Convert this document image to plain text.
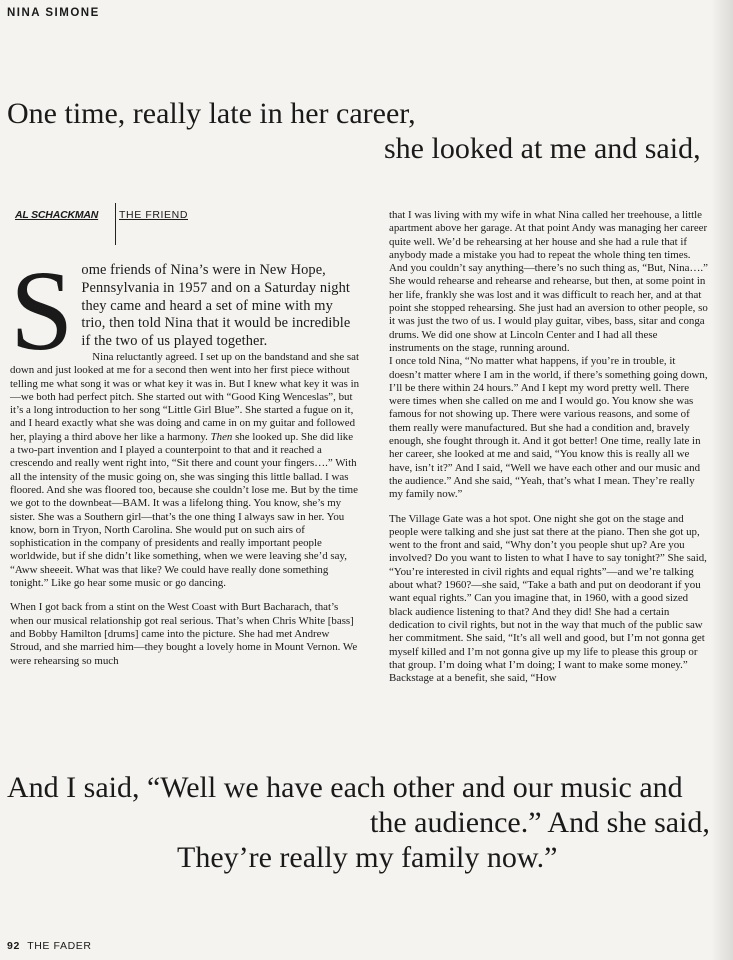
NINA SIMONE
One time, really late in her career,
she looked at me and said,
AL SCHACKMAN THE FRIEND
S ome friends of Nina’s were in New Hope, Pennsylvania in 1957 and on a Saturday night they came and heard a set of mine with my trio, then told Nina that it would be incredible if the two of us played together.

Nina reluctantly agreed. I set up on the bandstand and she sat down and just looked at me for a second then went into her first piece without telling me what song it was or what key it was in. But I knew what key it was in—we both had perfect pitch. She started out with “Good King Wenceslas”, but it’s a long introduction to her song “Little Girl Blue”. She started a fugue on it, and I heard exactly what she was doing and came in on my guitar and followed her, playing a third above her like a harmony. Then she looked up. She did like a two-part invention and I played a counterpoint to that and it reached a crescendo and really went right into, “Sit there and count your fingers….” With all the intensity of the music going on, she was singing this little ballad. I was floored. And she was floored too, because she couldn’t lose me. But by the time we got to the downbeat—BAM. It was a lifelong thing. You know, she’s my sister. She was a Southern girl—that’s the one thing I always saw in her. You know, born in Tryon, North Carolina. She would put on such airs of sophistication in the company of presidents and really important people worldwide, but if she didn’t like something, when we were leaving she’d say, “Aww sheeeit. What was that like? We could have really done something tonight.” Like go hear some music or go dancing.

When I got back from a stint on the West Coast with Burt Bacharach, that’s when our musical relationship got real serious. That’s when Chris White [bass] and Bobby Hamilton [drums] came into the picture. She had met Andrew Stroud, and she married him—they bought a lovely home in Mount Vernon. We were rehearsing so much

that I was living with my wife in what Nina called her treehouse, a little apartment above her garage. At that point Andy was managing her career quite well. We’d be rehearsing at her house and she had a rule that if anybody made a mistake you had to repeat the whole thing ten times. And you couldn’t say anything—there’s no such thing as, “But, Nina….”

She would rehearse and rehearse and rehearse, but then, at some point in her life, frankly she was lost and it was difficult to reach her, and at that point she stopped rehearsing. She just had an aversion to other people, so it was just the two of us. I would play guitar, vibes, bass, sitar and conga drums. We did one show at Lincoln Center and I had all these instruments on the stage, running around.

I once told Nina, “No matter what happens, if you’re in trouble, it doesn’t matter where I am in the world, if there’s something going down, I’ll be there within 24 hours.” And I kept my word pretty well. There were times when she called on me and I would go. You know she was famous for not showing up. There were various reasons, and some of them really were manufactured. But she had a condition and, bravely enough, she fought through it. And it got better! One time, really late in her career, she looked at me and said, “You know this is really all we have, isn’t it?” And I said, “Well we have each other and our music and the audience.” And she said, “Yeah, that’s what I mean. They’re really my family now.”

The Village Gate was a hot spot. One night she got on the stage and people were talking and she just sat there at the piano. Then she got up, went to the front and said, “Why don’t you people shut up? Are you involved? Do you want to listen to what I have to say tonight?” She said, “You’re interested in civil rights and equal rights”—and we’re talking about what? 1960?—she said, “Take a bath and put on deodorant if you want equal rights.” Can you imagine that, in 1960, with a good sized black audience listening to that? And they did! She had a certain dedication to civil rights, but not in the way that much of the public saw her commitment. She said, “It’s all well and good, but I’m not gonna get myself killed and I’m not gonna give up my life to please this group or that group. I’m doing what I’m doing; I want to make some money.” Backstage at a benefit, she said, “How

And I said, “Well we have each other and our music and
the audience.” And she said,
They’re really my family now.”
92 THE FADER
